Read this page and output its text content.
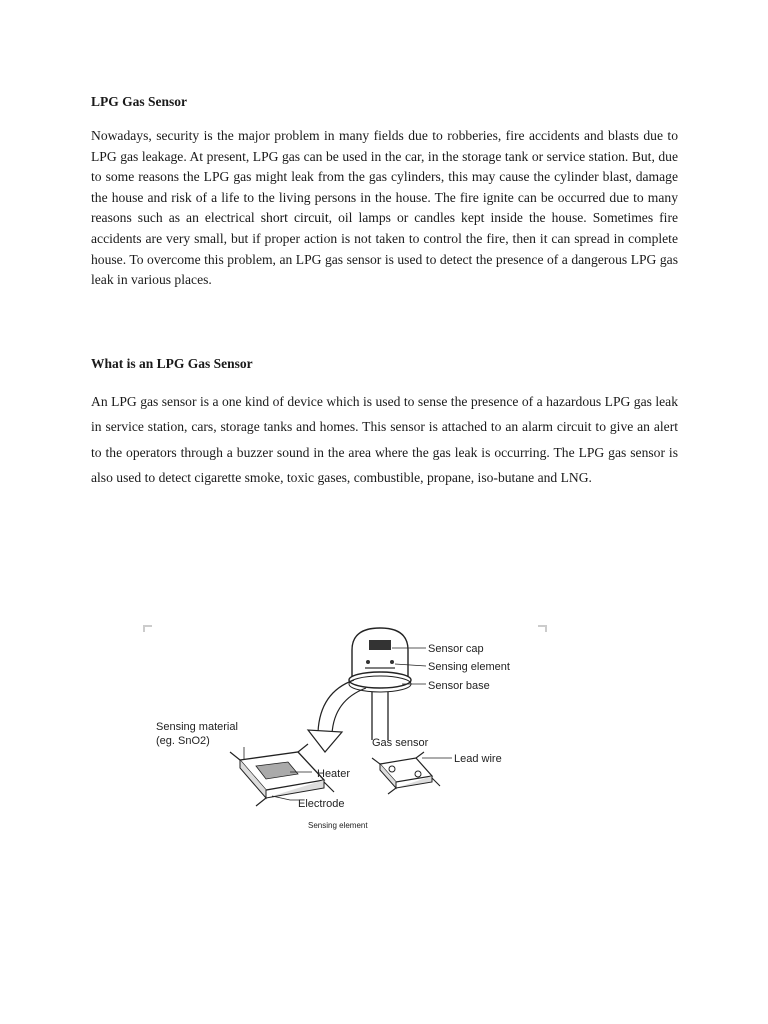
LPG Gas Sensor

Nowadays, security is the major problem in many fields due to robberies, fire accidents and blasts due to LPG gas leakage. At present, LPG gas can be used in the car, in the storage tank or service station. But, due to some reasons the LPG gas might leak from the gas cylinders, this may cause the cylinder blast, damage the house and risk of a life to the living persons in the house. The fire ignite can be occurred due to many reasons such as an electrical short circuit, oil lamps or candles kept inside the house. Sometimes fire accidents are very small, but if proper action is not taken to control the fire, then it can spread in complete house. To overcome this problem, an LPG gas sensor is used to detect the presence of a dangerous LPG gas leak in various places.

What is an LPG Gas Sensor

An LPG gas sensor is a one kind of device which is used to sense the presence of a hazardous LPG gas leak in service station, cars, storage tanks and homes. This sensor is attached to an alarm circuit to give an alert to the operators through a buzzer sound in the area where the gas leak is occurring. The LPG gas sensor is also used to detect cigarette smoke, toxic gases, combustible, propane, iso-butane and LNG.

Sensor cap
Sensing element
Sensor base
Sensing material
(eg. SnO2)	Gas sensor
Heater
Electrode
Lead wire
Sensing element
